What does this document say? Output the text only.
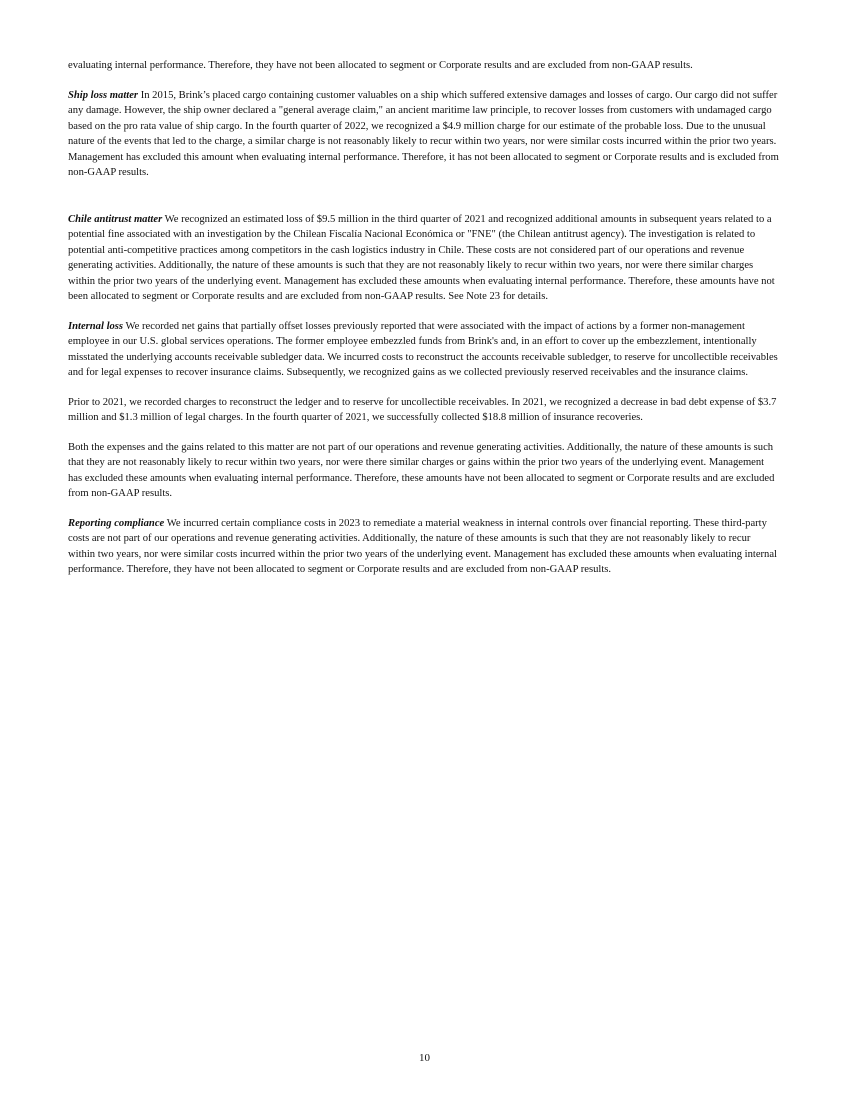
evaluating internal performance. Therefore, they have not been allocated to segment or Corporate results and are excluded from non-GAAP results.

Ship loss matter In 2015, Brink’s placed cargo containing customer valuables on a ship which suffered extensive damages and losses of cargo. Our cargo did not suffer any damage. However, the ship owner declared a "general average claim," an ancient maritime law principle, to recover losses from customers with undamaged cargo based on the pro rata value of ship cargo. In the fourth quarter of 2022, we recognized a $4.9 million charge for our estimate of the probable loss. Due to the unusual nature of the events that led to the charge, a similar charge is not reasonably likely to recur within two years, nor were similar costs incurred within the prior two years. Management has excluded this amount when evaluating internal performance. Therefore, it has not been allocated to segment or Corporate results and is excluded from non-GAAP results.

Chile antitrust matter We recognized an estimated loss of $9.5 million in the third quarter of 2021 and recognized additional amounts in subsequent years related to a potential fine associated with an investigation by the Chilean Fiscalía Nacional Económica or "FNE" (the Chilean antitrust agency). The investigation is related to potential anti-competitive practices among competitors in the cash logistics industry in Chile. These costs are not considered part of our operations and revenue generating activities. Additionally, the nature of these amounts is such that they are not reasonably likely to recur within two years, nor were there similar charges within the prior two years of the underlying event. Management has excluded these amounts when evaluating internal performance. Therefore, these amounts have not been allocated to segment or Corporate results and are excluded from non-GAAP results. See Note 23 for details.

Internal loss We recorded net gains that partially offset losses previously reported that were associated with the impact of actions by a former non-management employee in our U.S. global services operations. The former employee embezzled funds from Brink's and, in an effort to cover up the embezzlement, intentionally misstated the underlying accounts receivable subledger data. We incurred costs to reconstruct the accounts receivable subledger, to reserve for uncollectible receivables and for legal expenses to recover insurance claims. Subsequently, we recognized gains as we collected previously reserved receivables and the insurance claims.

Prior to 2021, we recorded charges to reconstruct the ledger and to reserve for uncollectible receivables. In 2021, we recognized a decrease in bad debt expense of $3.7 million and $1.3 million of legal charges. In the fourth quarter of 2021, we successfully collected $18.8 million of insurance recoveries.

Both the expenses and the gains related to this matter are not part of our operations and revenue generating activities. Additionally, the nature of these amounts is such that they are not reasonably likely to recur within two years, nor were there similar charges or gains within the prior two years of the underlying event. Management has excluded these amounts when evaluating internal performance. Therefore, these amounts have not been allocated to segment or Corporate results and are excluded from non-GAAP results.

Reporting compliance We incurred certain compliance costs in 2023 to remediate a material weakness in internal controls over financial reporting. These third-party costs are not part of our operations and revenue generating activities. Additionally, the nature of these amounts is such that they are not reasonably likely to recur within two years, nor were similar costs incurred within the prior two years of the underlying event. Management has excluded these amounts when evaluating internal performance. Therefore, they have not been allocated to segment or Corporate results and are excluded from non-GAAP results.

10
